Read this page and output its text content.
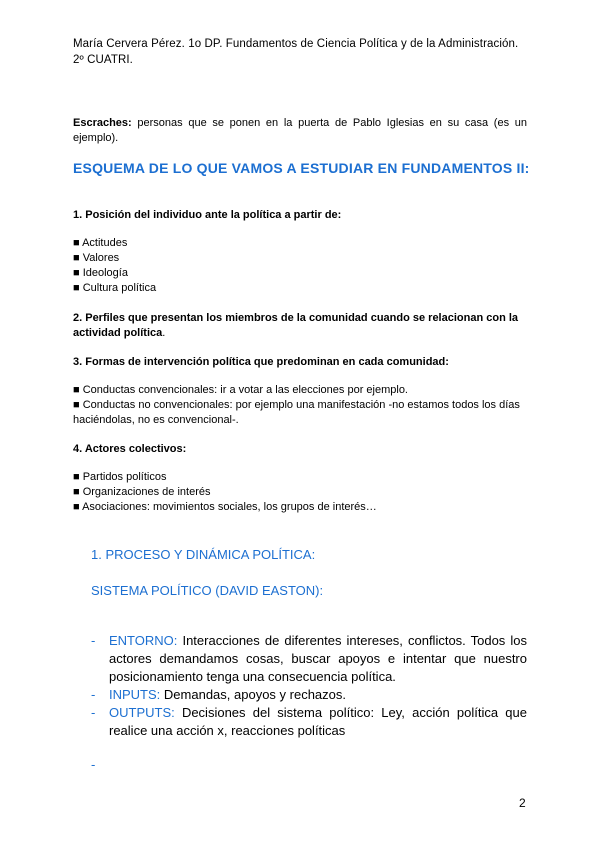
María Cervera Pérez. 1o DP. Fundamentos de Ciencia Política y de la Administración.
2º CUATRI.
Escraches: personas que se ponen en la puerta de Pablo Iglesias en su casa (es un ejemplo).
ESQUEMA DE LO QUE VAMOS A ESTUDIAR EN FUNDAMENTOS II:
1. Posición del individuo ante la política a partir de:
■ Actitudes
■ Valores
■ Ideología
■ Cultura política
2. Perfiles que presentan los miembros de la comunidad cuando se relacionan con la actividad política.
3. Formas de intervención política que predominan en cada comunidad:
■ Conductas convencionales: ir a votar a las elecciones por ejemplo.
■ Conductas no convencionales: por ejemplo una manifestación -no estamos todos los días haciéndolas, no es convencional-.
4. Actores colectivos:
■ Partidos políticos
■ Organizaciones de interés
■ Asociaciones: movimientos sociales, los grupos de interés…
1. PROCESO Y DINÁMICA POLÍTICA:
SISTEMA POLÍTICO (DAVID EASTON):
-	ENTORNO: Interacciones de diferentes intereses, conflictos. Todos los actores demandamos cosas, buscar apoyos e intentar que nuestro posicionamiento tenga una consecuencia política.
-	INPUTS: Demandas, apoyos y rechazos.
-	OUTPUTS: Decisiones del sistema político: Ley, acción política que realice una acción x, reacciones políticas
-
2
